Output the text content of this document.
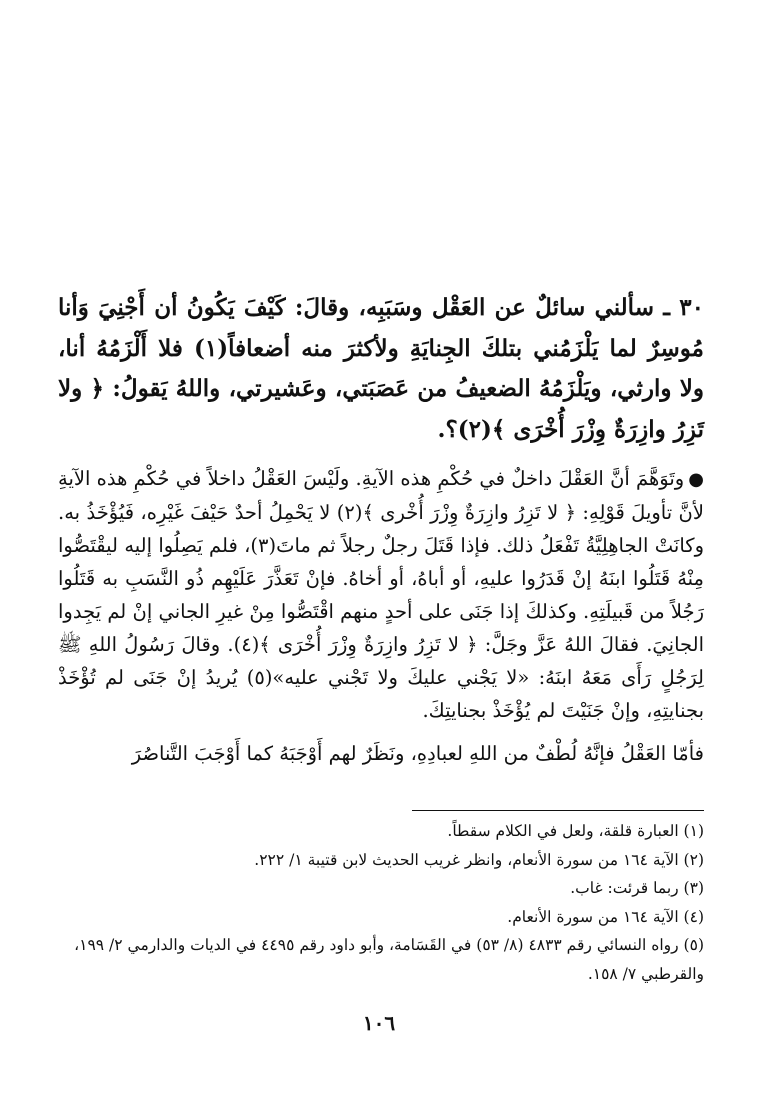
٣٠ ـ سألني سائلٌ عن العَقْل وسَبَبِه، وقالَ: كَيْفَ يَكُونُ أن أَجْنِيَ وَأنا مُوسِرٌ لما يَلْزَمُني بتلكَ الجِنايَةِ ولأكثرَ منه أضعافاً(١) فلا أَلْزَمُهُ أنا، ولا وارثي، ويَلْزَمُهُ الضعيفُ من عَصَبَتي، وعَشيرتي، واللهُ يَقولُ: ﴿ ولا تَزِرُ وازِرَةٌ وِزْرَ أُخْرَى ﴾(٢)؟.

●وتَوَهَّمَ أنَّ العَقْلَ داخلٌ في حُكْمِ هذه الآيةِ. ولَيْسَ العَقْلُ داخلاً في حُكْمِ هذه الآيةِ لأنَّ تأويلَ قَوْلِهِ: ﴿ لا تَزِرُ وازِرَةٌ وِزْرَ أُخْرى ﴾(٢) لا يَحْمِلُ أحدٌ حَيْفَ غَيْرِه، فَيُؤْخَذُ به. وكانَتْ الجاهِلِيَّةُ تَفْعَلُ ذلك. فإذا قَتَلَ رجلٌ رجلاً ثم ماتَ(٣)، فلم يَصِلُوا إليه ليقْتَصُّوا مِنْهُ قَتَلُوا ابنَهُ إنْ قَدَرُوا عليهِ، أو أباهُ، أو أخاهُ. فإنْ تَعَذَّرَ عَلَيْهِم ذُو النَّسَبِ به قَتَلُوا رَجُلاً من قَبيلَتِهِ. وكذلكَ إذا جَنَى على أحدٍ منهم اقْتَصُّوا مِنْ غيرِ الجاني إنْ لم يَجِدوا الجانِيَ. فقالَ اللهُ عَزَّ وجَلَّ: ﴿ لا تَزِرُ وازِرَةٌ وِزْرَ أُخْرَى ﴾(٤). وقالَ رَسُولُ اللهِ ﷺ لِرَجُلٍ رَأَى مَعَهُ ابنَهُ: «لا يَجْني عليكَ ولا تَجْني عليه»(٥) يُريدُ إنْ جَنَى لم تُؤْخَذْ بجنايتِهِ، وإنْ جَنَيْتَ لم يُؤْخَذْ بجنايتِكَ.

فأمّا العَقْلُ فإنَّهُ لُطْفٌ من اللهِ لعبادِهِ، ونَظَرٌ لهم أَوْجَبَهُ كما أَوْجَبَ التَّناصُرَ

(١) العبارة قلقة، ولعل في الكلام سقطاً.
(٢) الآية ١٦٤ من سورة الأنعام، وانظر غريب الحديث لابن قتيبة ١/ ٢٢٢.
(٣) ربما قرئت: غاب.
(٤) الآية ١٦٤ من سورة الأنعام.
(٥) رواه النسائي رقم ٤٨٣٣ (٨/ ٥٣) في القَسَامة، وأبو داود رقم ٤٤٩٥ في الديات والدارمي ٢/ ١٩٩، والقرطبي ٧/ ١٥٨.
١٠٦
